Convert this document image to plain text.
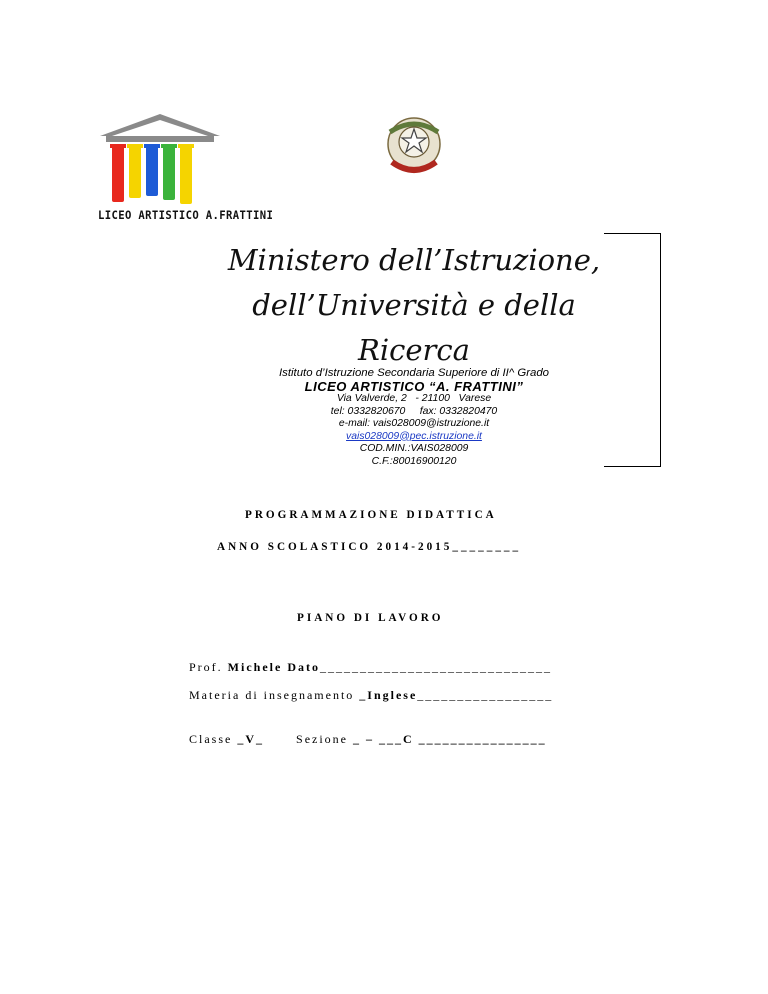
LICEO ARTISTICO A.FRATTINI
Ministero dell’Istruzione,
dell’Università e della
Ricerca
Istituto d’Istruzione Secondaria Superiore di II^ Grado
LICEO ARTISTICO “A. FRATTINI”
Via Valverde, 2   - 21100   Varese
tel: 0332820670     fax: 0332820470
e-mail: vais028009@istruzione.it
vais028009@pec.istruzione.it
COD.MIN.:VAIS028009
C.F.:80016900120
PROGRAMMAZIONE DIDATTICA
ANNO SCOLASTICO 2014-2015________
PIANO DI LAVORO
Prof. Michele Dato_____________________________
Materia di insegnamento _Inglese_________________
Classe _V_	Sezione _ – ___C ________________
